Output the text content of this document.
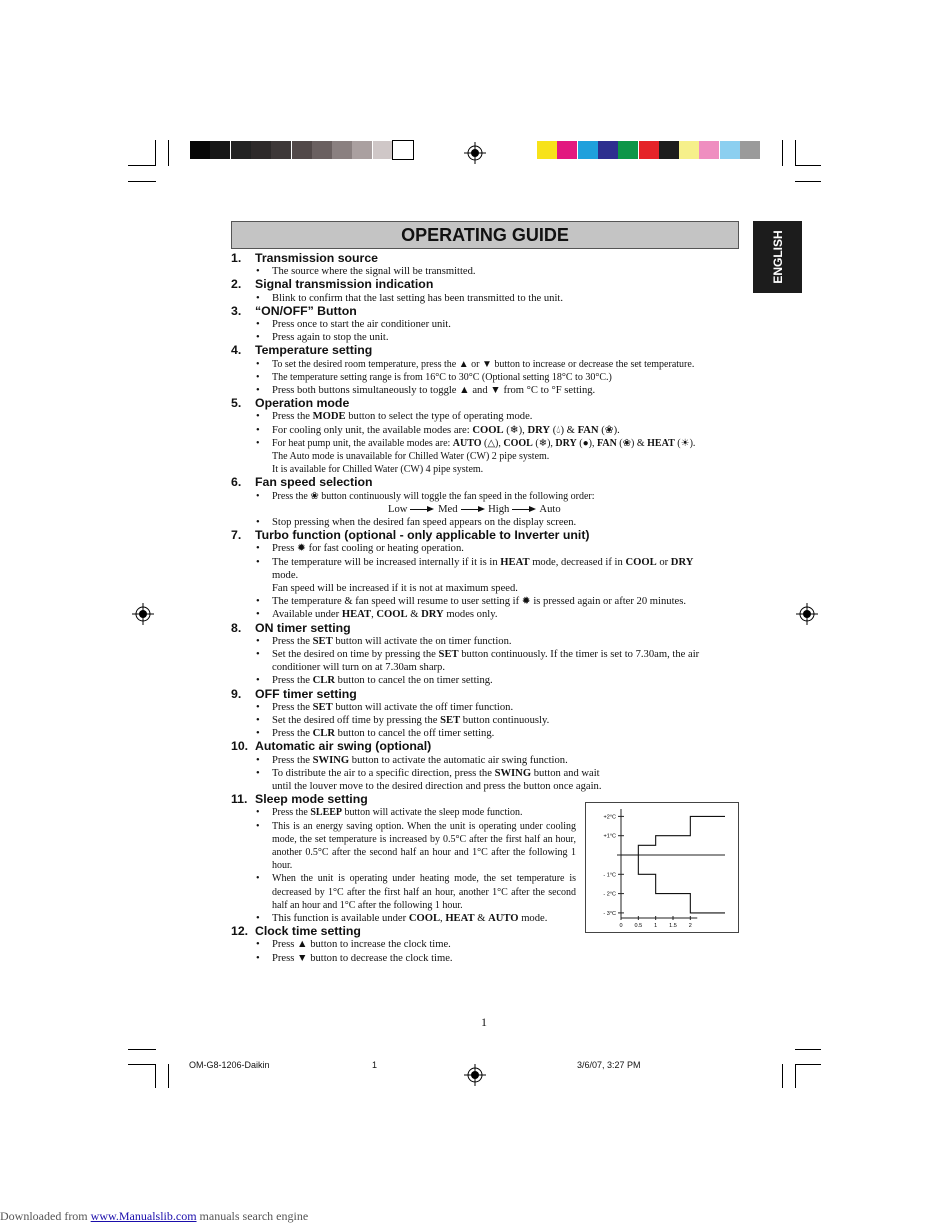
OPERATING GUIDE	ENGLISH
1.	Transmission source
• The source where the signal will be transmitted.
2.	Signal transmission indication
• Blink to confirm that the last setting has been transmitted to the unit.
3.	“ON/OFF” Button
• Press once to start the air conditioner unit.
• Press again to stop the unit.
4.	Temperature setting
• To set the desired room temperature, press the ▲ or ▼ button to increase or decrease the set temperature.
• The temperature setting range is from 16°C to 30°C (Optional setting 18°C to 30°C.)
• Press both buttons simultaneously to toggle ▲ and ▼ from °C to °F setting.
5.	Operation mode
• Press the MODE button to select the type of operating mode.
• For cooling only unit, the available modes are: COOL (❄), DRY (💧︎) & FAN (❀).
• For heat pump unit, the available modes are: AUTO (△), COOL (❄), DRY (●), FAN (❀) & HEAT (☀).
The Auto mode is unavailable for Chilled Water (CW) 2 pipe system.
It is available for Chilled Water (CW) 4 pipe system.
6.	Fan speed selection
• Press the ❀ button continuously will toggle the fan speed in the following order:
Low	Med	High	Auto
• Stop pressing when the desired fan speed appears on the display screen.
7.	Turbo function (optional - only applicable to Inverter unit)
• Press ✹ for fast cooling or heating operation.
• The temperature will be increased internally if it is in HEAT mode, decreased if in COOL or DRY
mode.
Fan speed will be increased if it is not at maximum speed.
• The temperature & fan speed will resume to user setting if ✹ is pressed again or after 20 minutes.
• Available under HEAT, COOL & DRY modes only.
8.	ON timer setting
• Press the SET button will activate the on timer function.
• Set the desired on time by pressing the SET button continuously. If the timer is set to 7.30am, the air
conditioner will turn on at 7.30am sharp.
• Press the CLR button to cancel the on timer setting.
9.	OFF timer setting
• Press the SET button will activate the off timer function.
• Set the desired off time by pressing the SET button continuously.
• Press the CLR button to cancel the off timer setting.
10. Automatic air swing (optional)
• Press the SWING button to activate the automatic air swing function.
• To distribute the air to a specific direction, press the SWING button and wait
until the louver move to the desired direction and press the button once again.
11. Sleep mode setting
• Press the SLEEP button will activate the sleep mode function.
• This is an energy saving option. When the unit is operating under cooling mode, the set temperature is increased by 0.5°C after the first half an hour, another 0.5°C after the second half an hour and 1°C after the following 1 hour.
• When the unit is operating under heating mode, the set temperature is decreased by 1°C after the first half an hour, another 1°C after the second half an hour and 1°C after the following 1 hour.
• This function is available under COOL, HEAT & AUTO mode.
12. Clock time setting
• Press ▲ button to increase the clock time.
• Press ▼ button to decrease the clock time.
+2°C
+1°C
- 1°C
- 2°C
- 3°C
0 0.5 1 1.5 2
1
OM-G8-1206-Daikin	1	3/6/07, 3:27 PM
Downloaded from www.Manualslib.com manuals search engine
